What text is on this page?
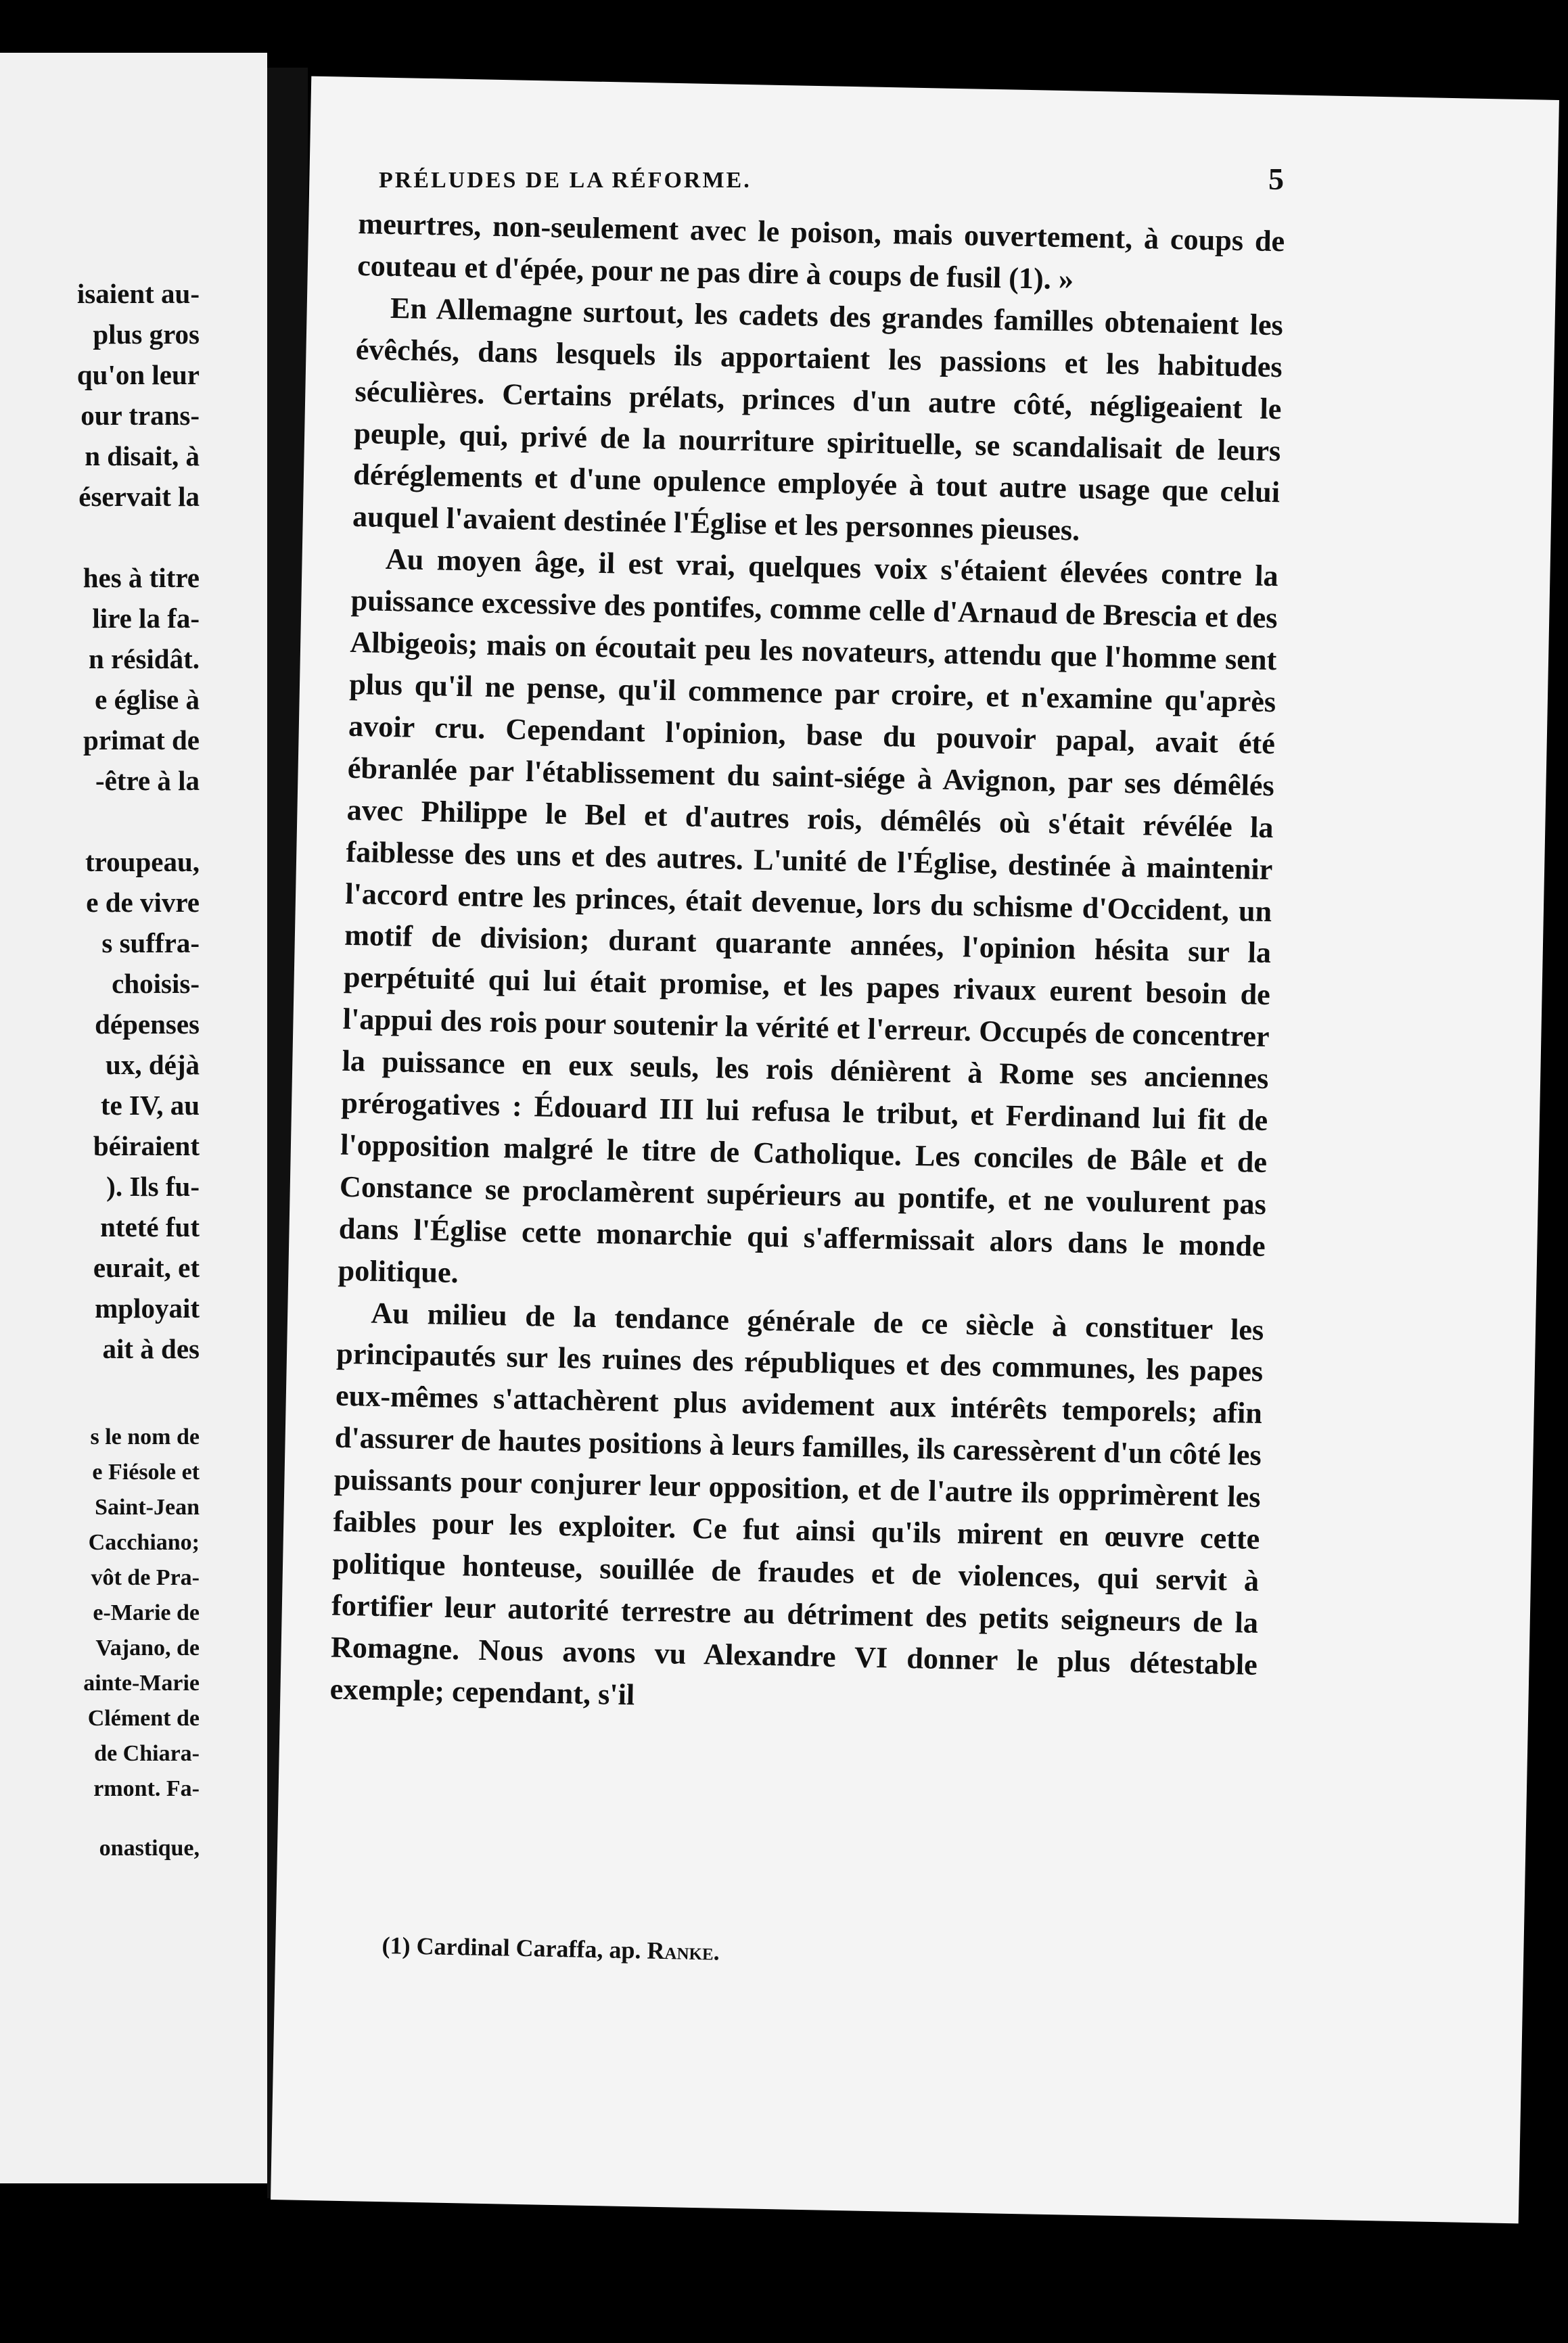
isaient au-
plus gros
qu'on leur
our trans-
n disait, à
éservait la
hes à titre
lire la fa-
n résidât.
e église à
primat de
-être à la
troupeau,
e de vivre
s suffra-
choisis-
dépenses
ux, déjà
te IV, au
béiraient
). Ils fu-
nteté fut
eurait, et
mployait
ait à des
s le nom de
e Fiésole et
Saint-Jean
Cacchiano;
vôt de Pra-
e-Marie de
Vajano, de
ainte-Marie
Clément de
de Chiara-
rmont. Fa-
onastique,
PRÉLUDES DE LA RÉFORME.	5

meurtres, non-seulement avec le poison, mais ouvertement, à coups de couteau et d'épée, pour ne pas dire à coups de fusil (1). »

En Allemagne surtout, les cadets des grandes familles obtenaient les évêchés, dans lesquels ils apportaient les passions et les habitudes séculières. Certains prélats, princes d'un autre côté, négligeaient le peuple, qui, privé de la nourriture spirituelle, se scandalisait de leurs déréglements et d'une opulence employée à tout autre usage que celui auquel l'avaient destinée l'Église et les personnes pieuses.

Au moyen âge, il est vrai, quelques voix s'étaient élevées contre la puissance excessive des pontifes, comme celle d'Arnaud de Brescia et des Albigeois; mais on écoutait peu les novateurs, attendu que l'homme sent plus qu'il ne pense, qu'il commence par croire, et n'examine qu'après avoir cru. Cependant l'opinion, base du pouvoir papal, avait été ébranlée par l'établissement du saint-siége à Avignon, par ses démêlés avec Philippe le Bel et d'autres rois, démêlés où s'était révélée la faiblesse des uns et des autres. L'unité de l'Église, destinée à maintenir l'accord entre les princes, était devenue, lors du schisme d'Occident, un motif de division; durant quarante années, l'opinion hésita sur la perpétuité qui lui était promise, et les papes rivaux eurent besoin de l'appui des rois pour soutenir la vérité et l'erreur. Occupés de concentrer la puissance en eux seuls, les rois dénièrent à Rome ses anciennes prérogatives : Édouard III lui refusa le tribut, et Ferdinand lui fit de l'opposition malgré le titre de Catholique. Les conciles de Bâle et de Constance se proclamèrent supérieurs au pontife, et ne voulurent pas dans l'Église cette monarchie qui s'affermissait alors dans le monde politique.

Au milieu de la tendance générale de ce siècle à constituer les principautés sur les ruines des républiques et des communes, les papes eux-mêmes s'attachèrent plus avidement aux intérêts temporels; afin d'assurer de hautes positions à leurs familles, ils caressèrent d'un côté les puissants pour conjurer leur opposition, et de l'autre ils opprimèrent les faibles pour les exploiter. Ce fut ainsi qu'ils mirent en œuvre cette politique honteuse, souillée de fraudes et de violences, qui servit à fortifier leur autorité terrestre au détriment des petits seigneurs de la Romagne. Nous avons vu Alexandre VI donner le plus détestable exemple; cependant, s'il

(1) Cardinal Caraffa, ap. Ranke.
